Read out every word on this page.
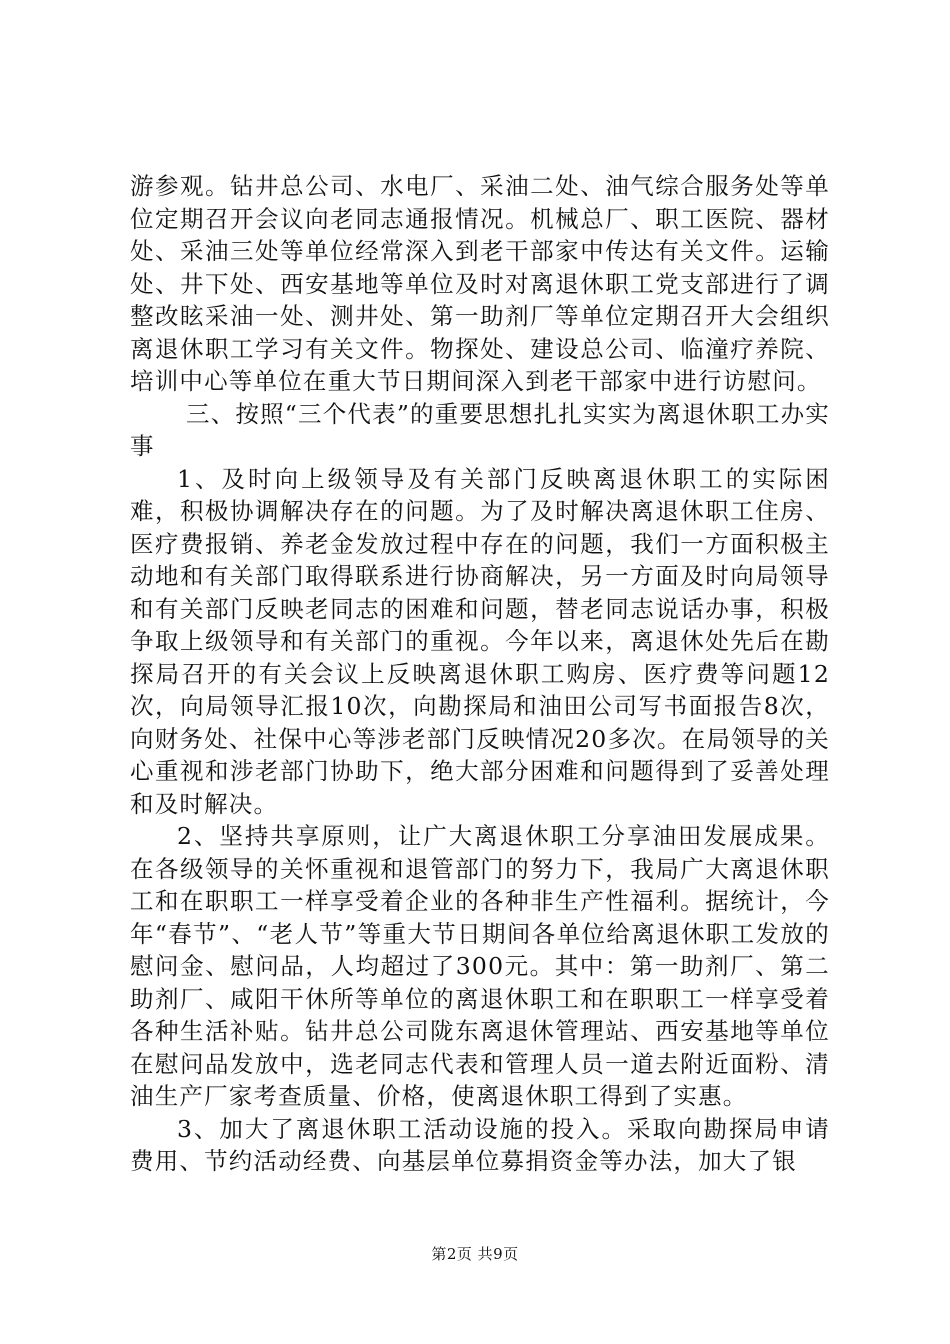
游参观。钻井总公司、水电厂、采油二处、油气综合服务处等单位定期召开会议向老同志通报情况。机械总厂、职工医院、器材处、采油三处等单位经常深入到老干部家中传达有关文件。运输处、井下处、西安基地等单位及时对离退休职工党支部进行了调整改眩采油一处、测井处、第一助剂厂等单位定期召开大会组织离退休职工学习有关文件。物探处、建设总公司、临潼疗养院、培训中心等单位在重大节日期间深入到老干部家中进行访慰问。

三、按照“三个代表”的重要思想扎扎实实为离退休职工办实事

1、及时向上级领导及有关部门反映离退休职工的实际困难，积极协调解决存在的问题。为了及时解决离退休职工住房、医疗费报销、养老金发放过程中存在的问题，我们一方面积极主动地和有关部门取得联系进行协商解决，另一方面及时向局领导和有关部门反映老同志的困难和问题，替老同志说话办事，积极争取上级领导和有关部门的重视。今年以来，离退休处先后在勘探局召开的有关会议上反映离退休职工购房、医疗费等问题12次，向局领导汇报10次，向勘探局和油田公司写书面报告8次，向财务处、社保中心等涉老部门反映情况20多次。在局领导的关心重视和涉老部门协助下，绝大部分困难和问题得到了妥善处理和及时解决。

2、坚持共享原则，让广大离退休职工分享油田发展成果。在各级领导的关怀重视和退管部门的努力下，我局广大离退休职工和在职职工一样享受着企业的各种非生产性福利。据统计，今年“春节”、“老人节”等重大节日期间各单位给离退休职工发放的慰问金、慰问品，人均超过了300元。其中：第一助剂厂、第二助剂厂、咸阳干休所等单位的离退休职工和在职职工一样享受着各种生活补贴。钻井总公司陇东离退休管理站、西安基地等单位在慰问品发放中，选老同志代表和管理人员一道去附近面粉、清油生产厂家考查质量、价格，使离退休职工得到了实惠。

3、加大了离退休职工活动设施的投入。采取向勘探局申请费用、节约活动经费、向基层单位募捐资金等办法，加大了银

第2页 共9页
